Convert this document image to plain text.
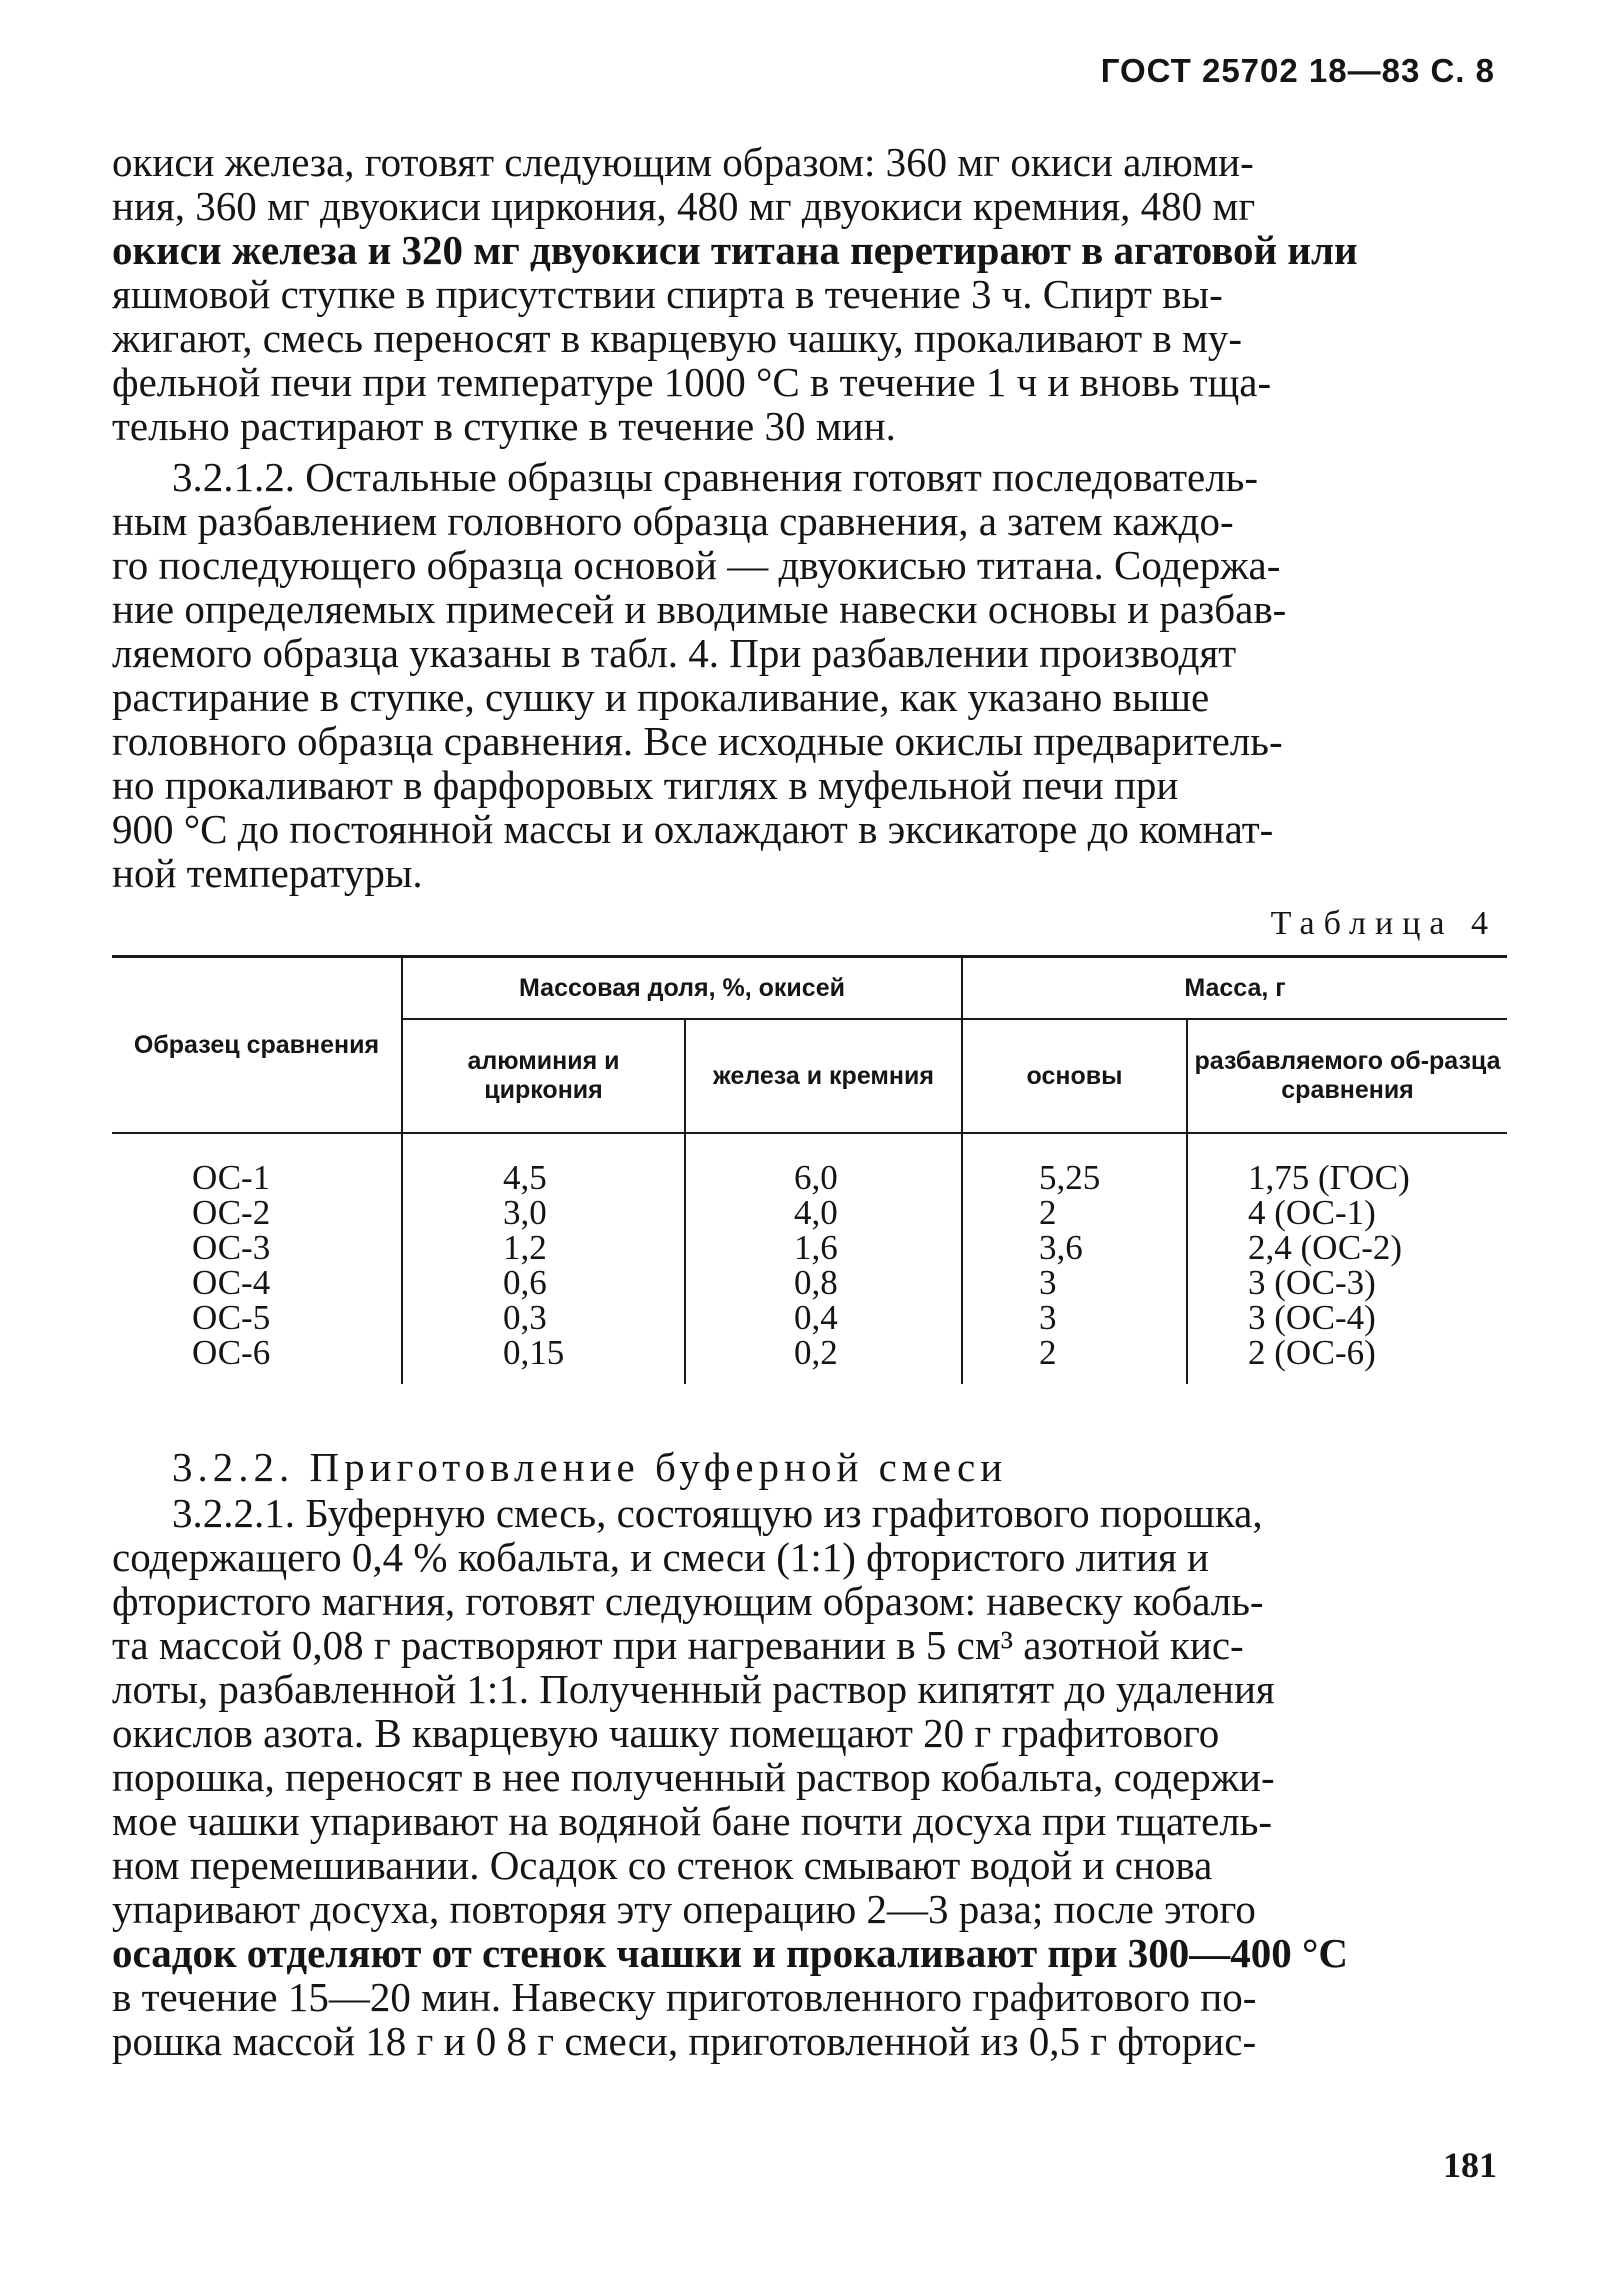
ГОСТ 25702 18—83 С. 8

окиси железа, готовят следующим образом: 360 мг окиси алюми-

ния, 360 мг двуокиси циркония, 480 мг двуокиси кремния, 480 мг

окиси железа и 320 мг двуокиси титана перетирают в агатовой или

яшмовой ступке в присутствии спирта в течение 3 ч. Спирт вы-

жигают, смесь переносят в кварцевую чашку, прокаливают в му-

фельной печи при температуре 1000 °С в течение 1 ч и вновь тща-

тельно растирают в ступке в течение 30 мин.

3.2.1.2. Остальные образцы сравнения готовят последователь-

ным разбавлением головного образца сравнения, а затем каждо-

го последующего образца основой — двуокисью титана. Содержа-

ние определяемых примесей и вводимые навески основы и разбав-

ляемого образца указаны в табл. 4. При разбавлении производят

растирание в ступке, сушку и прокаливание, как указано выше

головного образца сравнения. Все исходные окислы предваритель-

но прокаливают в фарфоровых тиглях в муфельной печи при

900 °С до постоянной массы и охлаждают в эксикаторе до комнат-

ной температуры.

Таблица 4
Образец сравнения	Массовая доля, %, окисей		Масса, г	
	алюминия и циркония	железа и кремния	основы	разбавляемого об-разца сравнения
ОС-1	4,5	6,0	5,25	1,75 (ГОС)
ОС-2	3,0	4,0	2	4 (ОС-1)
ОС-3	1,2	1,6	3,6	2,4 (ОС-2)
ОС-4	0,6	0,8	3	3 (ОС-3)
ОС-5	0,3	0,4	3	3 (ОС-4)
ОС-6	0,15	0,2	2	2 (ОС-6)

3.2.2. Приготовление буферной смеси

3.2.2.1. Буферную смесь, состоящую из графитового порошка,

содержащего 0,4 % кобальта, и смеси (1:1) фтористого лития и

фтористого магния, готовят следующим образом: навеску кобаль-

та массой 0,08 г растворяют при нагревании в 5 см³ азотной кис-

лоты, разбавленной 1:1. Полученный раствор кипятят до удаления

окислов азота. В кварцевую чашку помещают 20 г графитового

порошка, переносят в нее полученный раствор кобальта, содержи-

мое чашки упаривают на водяной бане почти досуха при тщатель-

ном перемешивании. Осадок со стенок смывают водой и снова

упаривают досуха, повторяя эту операцию 2—3 раза; после этого

осадок отделяют от стенок чашки и прокаливают при 300—400 °С

в течение 15—20 мин. Навеску приготовленного графитового по-

рошка массой 18 г и 0 8 г смеси, приготовленной из 0,5 г фторис-

181
